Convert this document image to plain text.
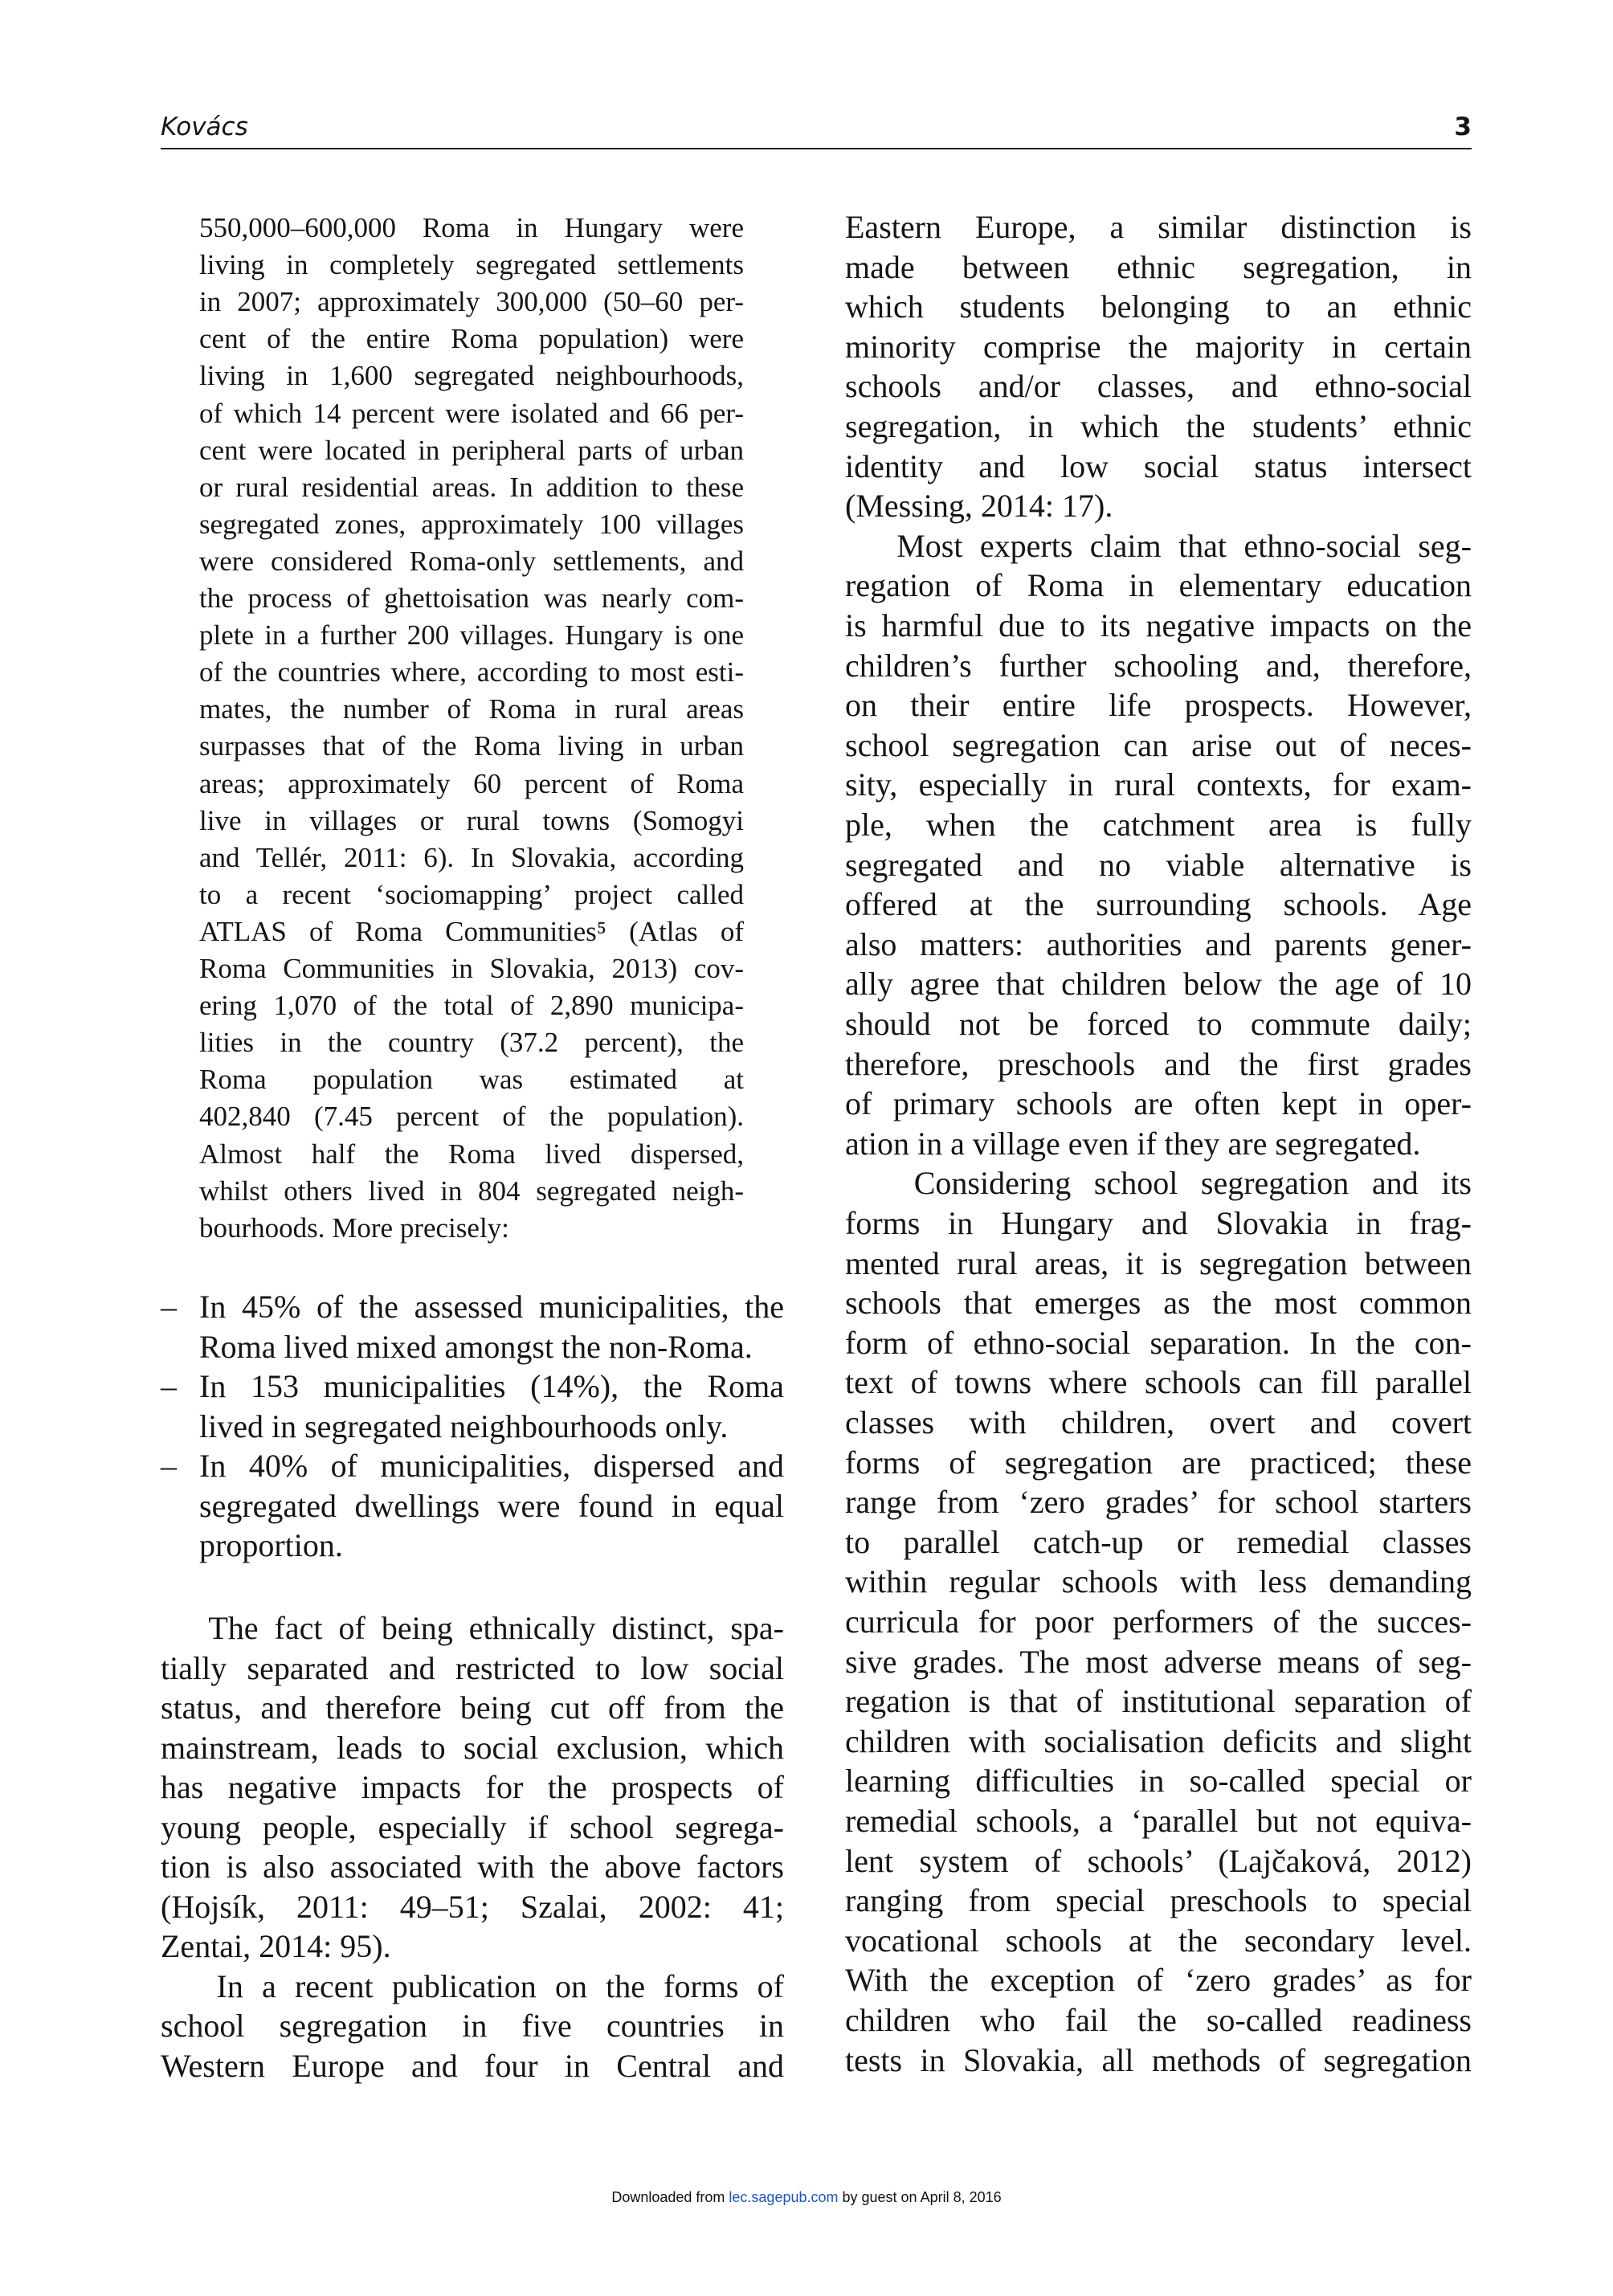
Kovács	3
550,000–600,000 Roma in Hungary were
living in completely segregated settlements
in 2007; approximately 300,000 (50–60 per-
cent of the entire Roma population) were
living in 1,600 segregated neighbourhoods,
of which 14 percent were isolated and 66 per-
cent were located in peripheral parts of urban
or rural residential areas. In addition to these
segregated zones, approximately 100 villages
were considered Roma-only settlements, and
the process of ghettoisation was nearly com-
plete in a further 200 villages. Hungary is one
of the countries where, according to most esti-
mates, the number of Roma in rural areas
surpasses that of the Roma living in urban
areas; approximately 60 percent of Roma
live in villages or rural towns (Somogyi
and Tellér, 2011: 6). In Slovakia, according
to a recent ‘sociomapping’ project called
ATLAS of Roma Communities⁵ (Atlas of
Roma Communities in Slovakia, 2013) cov-
ering 1,070 of the total of 2,890 municipa-
lities in the country (37.2 percent), the
Roma population was estimated at
402,840 (7.45 percent of the population).
Almost half the Roma lived dispersed,
whilst others lived in 804 segregated neigh-
bourhoods. More precisely:
– In 45% of the assessed municipalities, the
Roma lived mixed amongst the non-Roma.
– In 153 municipalities (14%), the Roma
lived in segregated neighbourhoods only.
– In 40% of municipalities, dispersed and
segregated dwellings were found in equal
proportion.
The fact of being ethnically distinct, spa-
tially separated and restricted to low social
status, and therefore being cut off from the
mainstream, leads to social exclusion, which
has negative impacts for the prospects of
young people, especially if school segrega-
tion is also associated with the above factors
(Hojsík, 2011: 49–51; Szalai, 2002: 41;
Zentai, 2014: 95).
In a recent publication on the forms of
school segregation in five countries in
Western Europe and four in Central and
Eastern Europe, a similar distinction is
made between ethnic segregation, in
which students belonging to an ethnic
minority comprise the majority in certain
schools and/or classes, and ethno-social
segregation, in which the students’ ethnic
identity and low social status intersect
(Messing, 2014: 17).
Most experts claim that ethno-social seg-
regation of Roma in elementary education
is harmful due to its negative impacts on the
children’s further schooling and, therefore,
on their entire life prospects. However,
school segregation can arise out of neces-
sity, especially in rural contexts, for exam-
ple, when the catchment area is fully
segregated and no viable alternative is
offered at the surrounding schools. Age
also matters: authorities and parents gener-
ally agree that children below the age of 10
should not be forced to commute daily;
therefore, preschools and the first grades
of primary schools are often kept in oper-
ation in a village even if they are segregated.
Considering school segregation and its
forms in Hungary and Slovakia in frag-
mented rural areas, it is segregation between
schools that emerges as the most common
form of ethno-social separation. In the con-
text of towns where schools can fill parallel
classes with children, overt and covert
forms of segregation are practiced; these
range from ‘zero grades’ for school starters
to parallel catch-up or remedial classes
within regular schools with less demanding
curricula for poor performers of the succes-
sive grades. The most adverse means of seg-
regation is that of institutional separation of
children with socialisation deficits and slight
learning difficulties in so-called special or
remedial schools, a ‘parallel but not equiva-
lent system of schools’ (Lajčaková, 2012)
ranging from special preschools to special
vocational schools at the secondary level.
With the exception of ‘zero grades’ as for
children who fail the so-called readiness
tests in Slovakia, all methods of segregation
Downloaded from lec.sagepub.com by guest on April 8, 2016
